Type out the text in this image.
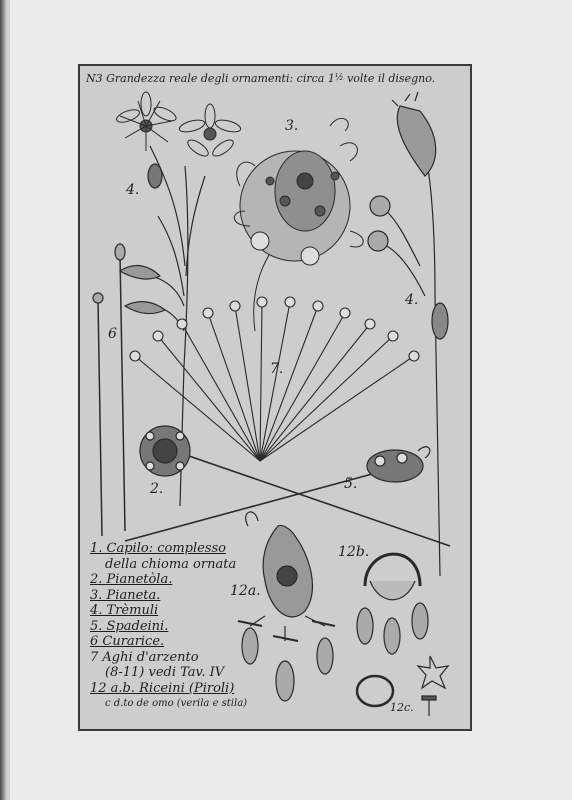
N3 Grandezza reale degli ornamenti: circa $1^{\frac{1}{2}}$ volte il disegno.
3.
4.
4.
6
7.
2.	5.
12a.
12b.
12c.
1. Capilo: complesso
della chioma ornata
2. Pianetòla.
3. Pianeta.
4. Trèmuli
5. Spadeini.
6 Curarice.
7 Aghi d'arzento
(8-11) vedi Tav. IV
12 a.b. Riceini (Piroli)
c d.to de omo (verila e stila)
